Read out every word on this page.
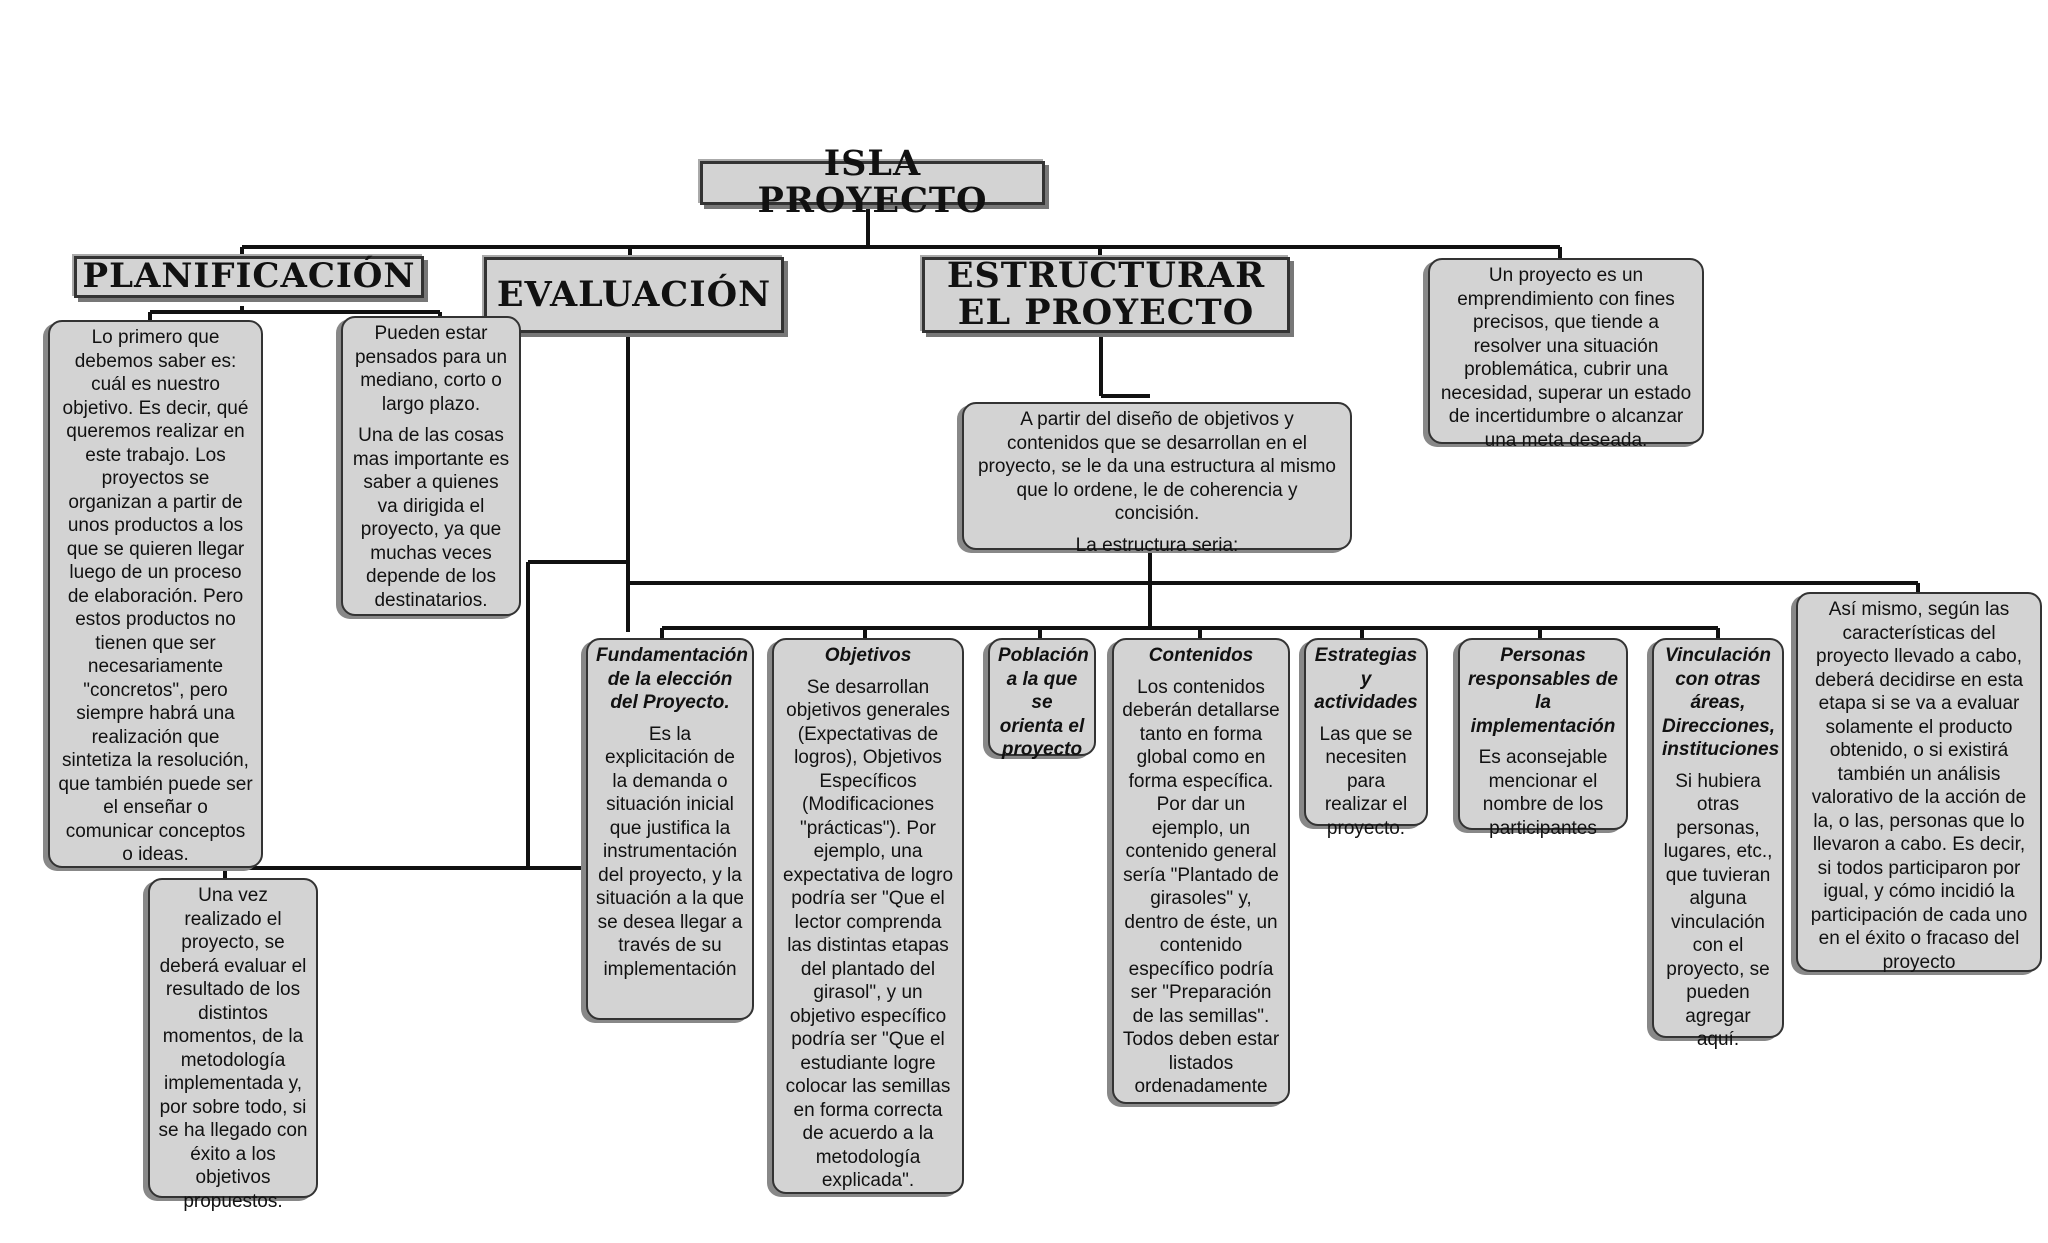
ISLA PROYECTO
PLANIFICACIÓN EVALUACIÓN	ESTRUCTURAR
EL PROYECTO

Lo primero que debemos saber es: cuál es nuestro objetivo. Es decir, qué queremos realizar en este trabajo. Los proyectos se organizan a partir de unos productos a los que se quieren llegar luego de un proceso de elaboración. Pero estos productos no tienen que ser necesariamente "concretos", pero siempre habrá una realización que sintetiza la resolución, que también puede ser el enseñar o comunicar conceptos o ideas.

Pueden estar pensados para un mediano, corto o largo plazo.

Una de las cosas mas importante es saber a quienes va dirigida el proyecto, ya que muchas veces depende de los destinatarios.

Una vez realizado el proyecto, se deberá evaluar el resultado de los distintos momentos, de la metodología implementada y, por sobre todo, si se ha llegado con éxito a los objetivos propuestos.

Así mismo, según las características del proyecto llevado a cabo, deberá decidirse en esta etapa si se va a evaluar solamente el producto obtenido, o si existirá también un análisis valorativo de la acción de la, o las, personas que lo llevaron a cabo. Es decir, si todos participaron por igual, y cómo incidió la participación de cada uno en el éxito o fracaso del proyecto

Un proyecto es un emprendimiento con fines precisos, que tiende a resolver una situación problemática, cubrir una necesidad, superar un estado de incertidumbre o alcanzar una meta deseada.

A partir del diseño de objetivos y contenidos que se desarrollan en el proyecto, se le da una estructura al mismo que lo ordene, le de coherencia y concisión.

La estructura seria:

Fundamentación de la elección del Proyecto.

Es la explicitación de la demanda o situación inicial que justifica la instrumentación del proyecto, y la situación a la que se desea llegar a través de su implementación

Objetivos

Se desarrollan objetivos generales (Expectativas de logros), Objetivos Específicos (Modificaciones "prácticas"). Por ejemplo, una expectativa de logro podría ser "Que el lector comprenda las distintas etapas del plantado del girasol", y un objetivo específico podría ser "Que el estudiante logre colocar las semillas en forma correcta de acuerdo a la metodología explicada".

Población a la que se orienta el proyecto

Contenidos

Los contenidos deberán detallarse tanto en forma global como en forma específica. Por dar un ejemplo, un contenido general sería "Plantado de girasoles" y, dentro de éste, un contenido específico podría ser "Preparación de las semillas". Todos deben estar listados ordenadamente

Estrategias y actividades

Las que se necesiten para realizar el proyecto.

Personas responsables de la implementación

Es aconsejable mencionar el nombre de los participantes

Vinculación con otras áreas, Direcciones, instituciones

Si hubiera otras personas, lugares, etc., que tuvieran alguna vinculación con el proyecto, se pueden agregar aquí.
